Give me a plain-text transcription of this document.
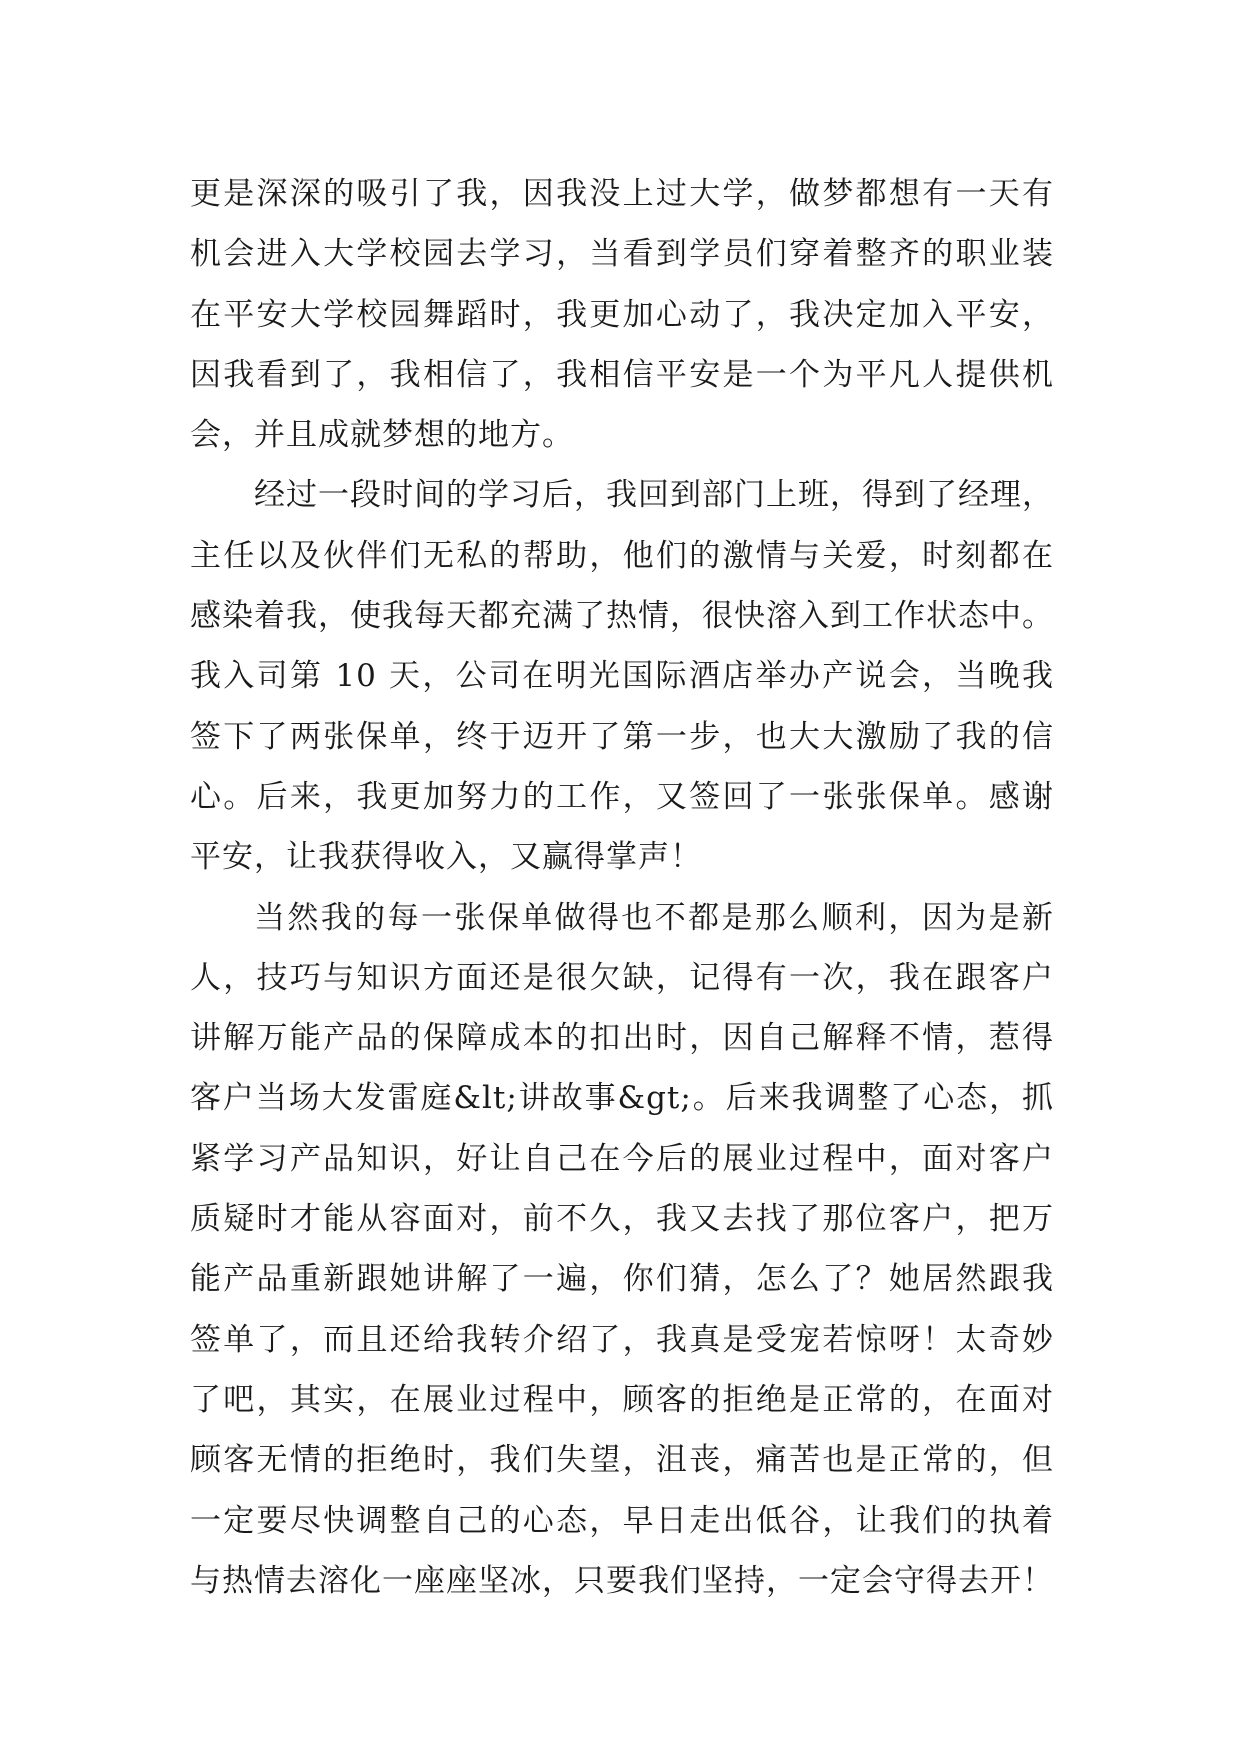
更是深深的吸引了我，因我没上过大学，做梦都想有一天有
机会进入大学校园去学习，当看到学员们穿着整齐的职业装
在平安大学校园舞蹈时，我更加心动了，我决定加入平安，
因我看到了，我相信了，我相信平安是一个为平凡人提供机
会，并且成就梦想的地方。
经过一段时间的学习后，我回到部门上班，得到了经理，
主任以及伙伴们无私的帮助，他们的激情与关爱，时刻都在
感染着我，使我每天都充满了热情，很快溶入到工作状态中。
我入司第 10 天，公司在明光国际酒店举办产说会，当晚我
签下了两张保单，终于迈开了第一步，也大大激励了我的信
心。后来，我更加努力的工作，又签回了一张张保单。感谢
平安，让我获得收入，又赢得掌声！
当然我的每一张保单做得也不都是那么顺利，因为是新
人，技巧与知识方面还是很欠缺，记得有一次，我在跟客户
讲解万能产品的保障成本的扣出时，因自己解释不情，惹得
客户当场大发雷庭&lt;讲故事&gt;。后来我调整了心态，抓
紧学习产品知识，好让自己在今后的展业过程中，面对客户
质疑时才能从容面对，前不久，我又去找了那位客户，把万
能产品重新跟她讲解了一遍，你们猜，怎么了？她居然跟我
签单了，而且还给我转介绍了，我真是受宠若惊呀！太奇妙
了吧，其实，在展业过程中，顾客的拒绝是正常的，在面对
顾客无情的拒绝时，我们失望，沮丧，痛苦也是正常的，但
一定要尽快调整自己的心态，早日走出低谷，让我们的执着
与热情去溶化一座座坚冰，只要我们坚持，一定会守得去开！
